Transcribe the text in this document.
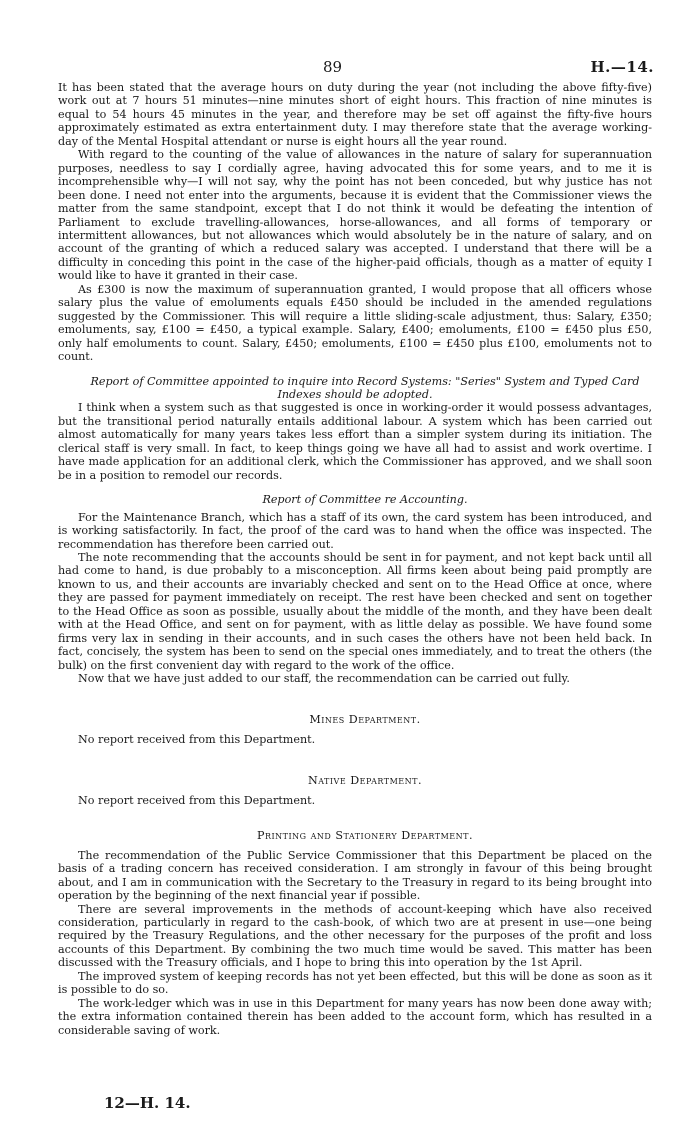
89	H.—14.

It has been stated that the average hours on duty during the year (not including the above fifty-five) work out at 7 hours 51 minutes—nine minutes short of eight hours. This fraction of nine minutes is equal to 54 hours 45 minutes in the year, and therefore may be set off against the fifty-five hours approximately estimated as extra entertainment duty. I may therefore state that the average working-day of the Mental Hospital attendant or nurse is eight hours all the year round.

With regard to the counting of the value of allowances in the nature of salary for superannuation purposes, needless to say I cordially agree, having advocated this for some years, and to me it is incomprehensible why—I will not say, why the point has not been conceded, but why justice has not been done. I need not enter into the arguments, because it is evident that the Commissioner views the matter from the same standpoint, except that I do not think it would be defeating the intention of Parliament to exclude travelling-allowances, horse-allowances, and all forms of temporary or intermittent allowances, but not allowances which would absolutely be in the nature of salary, and on account of the granting of which a reduced salary was accepted. I understand that there will be a difficulty in conceding this point in the case of the higher-paid officials, though as a matter of equity I would like to have it granted in their case.

As £300 is now the maximum of superannuation granted, I would propose that all officers whose salary plus the value of emoluments equals £450 should be included in the amended regulations suggested by the Commissioner. This will require a little sliding-scale adjustment, thus: Salary, £350; emoluments, say, £100 = £450, a typical example. Salary, £400; emoluments, £100 = £450 plus £50, only half emoluments to count. Salary, £450; emoluments, £100 = £450 plus £100, emoluments not to count.

Report of Committee appointed to inquire into Record Systems: "Series" System and Typed Card Indexes should be adopted.

I think when a system such as that suggested is once in working-order it would possess advantages, but the transitional period naturally entails additional labour. A system which has been carried out almost automatically for many years takes less effort than a simpler system during its initiation. The clerical staff is very small. In fact, to keep things going we have all had to assist and work overtime. I have made application for an additional clerk, which the Commissioner has approved, and we shall soon be in a position to remodel our records.

Report of Committee re Accounting.

For the Maintenance Branch, which has a staff of its own, the card system has been introduced, and is working satisfactorily. In fact, the proof of the card was to hand when the office was inspected. The recommendation has therefore been carried out.

The note recommending that the accounts should be sent in for payment, and not kept back until all had come to hand, is due probably to a misconception. All firms keen about being paid promptly are known to us, and their accounts are invariably checked and sent on to the Head Office at once, where they are passed for payment immediately on receipt. The rest have been checked and sent on together to the Head Office as soon as possible, usually about the middle of the month, and they have been dealt with at the Head Office, and sent on for payment, with as little delay as possible. We have found some firms very lax in sending in their accounts, and in such cases the others have not been held back. In fact, concisely, the system has been to send on the special ones immediately, and to treat the others (the bulk) on the first convenient day with regard to the work of the office.

Now that we have just added to our staff, the recommendation can be carried out fully.

Mines Department.

No report received from this Department.

Native Department.

No report received from this Department.

Printing and Stationery Department.

The recommendation of the Public Service Commissioner that this Department be placed on the basis of a trading concern has received consideration. I am strongly in favour of this being brought about, and I am in communication with the Secretary to the Treasury in regard to its being brought into operation by the beginning of the next financial year if possible.

There are several improvements in the methods of account-keeping which have also received consideration, particularly in regard to the cash-book, of which two are at present in use—one being required by the Treasury Regulations, and the other necessary for the purposes of the profit and loss accounts of this Department. By combining the two much time would be saved. This matter has been discussed with the Treasury officials, and I hope to bring this into operation by the 1st April.

The improved system of keeping records has not yet been effected, but this will be done as soon as it is possible to do so.

The work-ledger which was in use in this Department for many years has now been done away with; the extra information contained therein has been added to the account form, which has resulted in a considerable saving of work.

12—H. 14.
